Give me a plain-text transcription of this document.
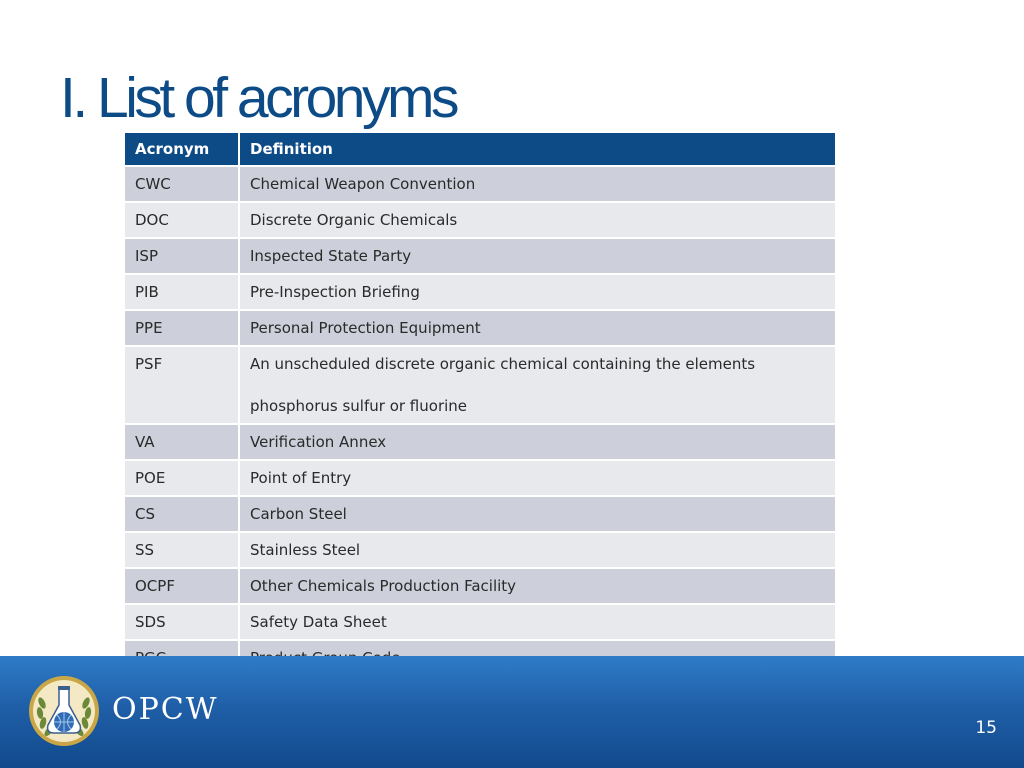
I. List of acronyms
Acronym	Definition
CWC	Chemical Weapon Convention

DOC	Discrete Organic Chemicals

ISP	Inspected State Party

PIB	Pre-Inspection Briefing

PPE	Personal Protection Equipment

PSF	An unscheduled discrete organic chemical containing the elements
phosphorus sulfur or fluorine

VA	Verification Annex

POE	Point of Entry

CS	Carbon Steel

SS	Stainless Steel

OCPF	Other Chemicals Production Facility

SDS	Safety Data Sheet

OPCW
15
